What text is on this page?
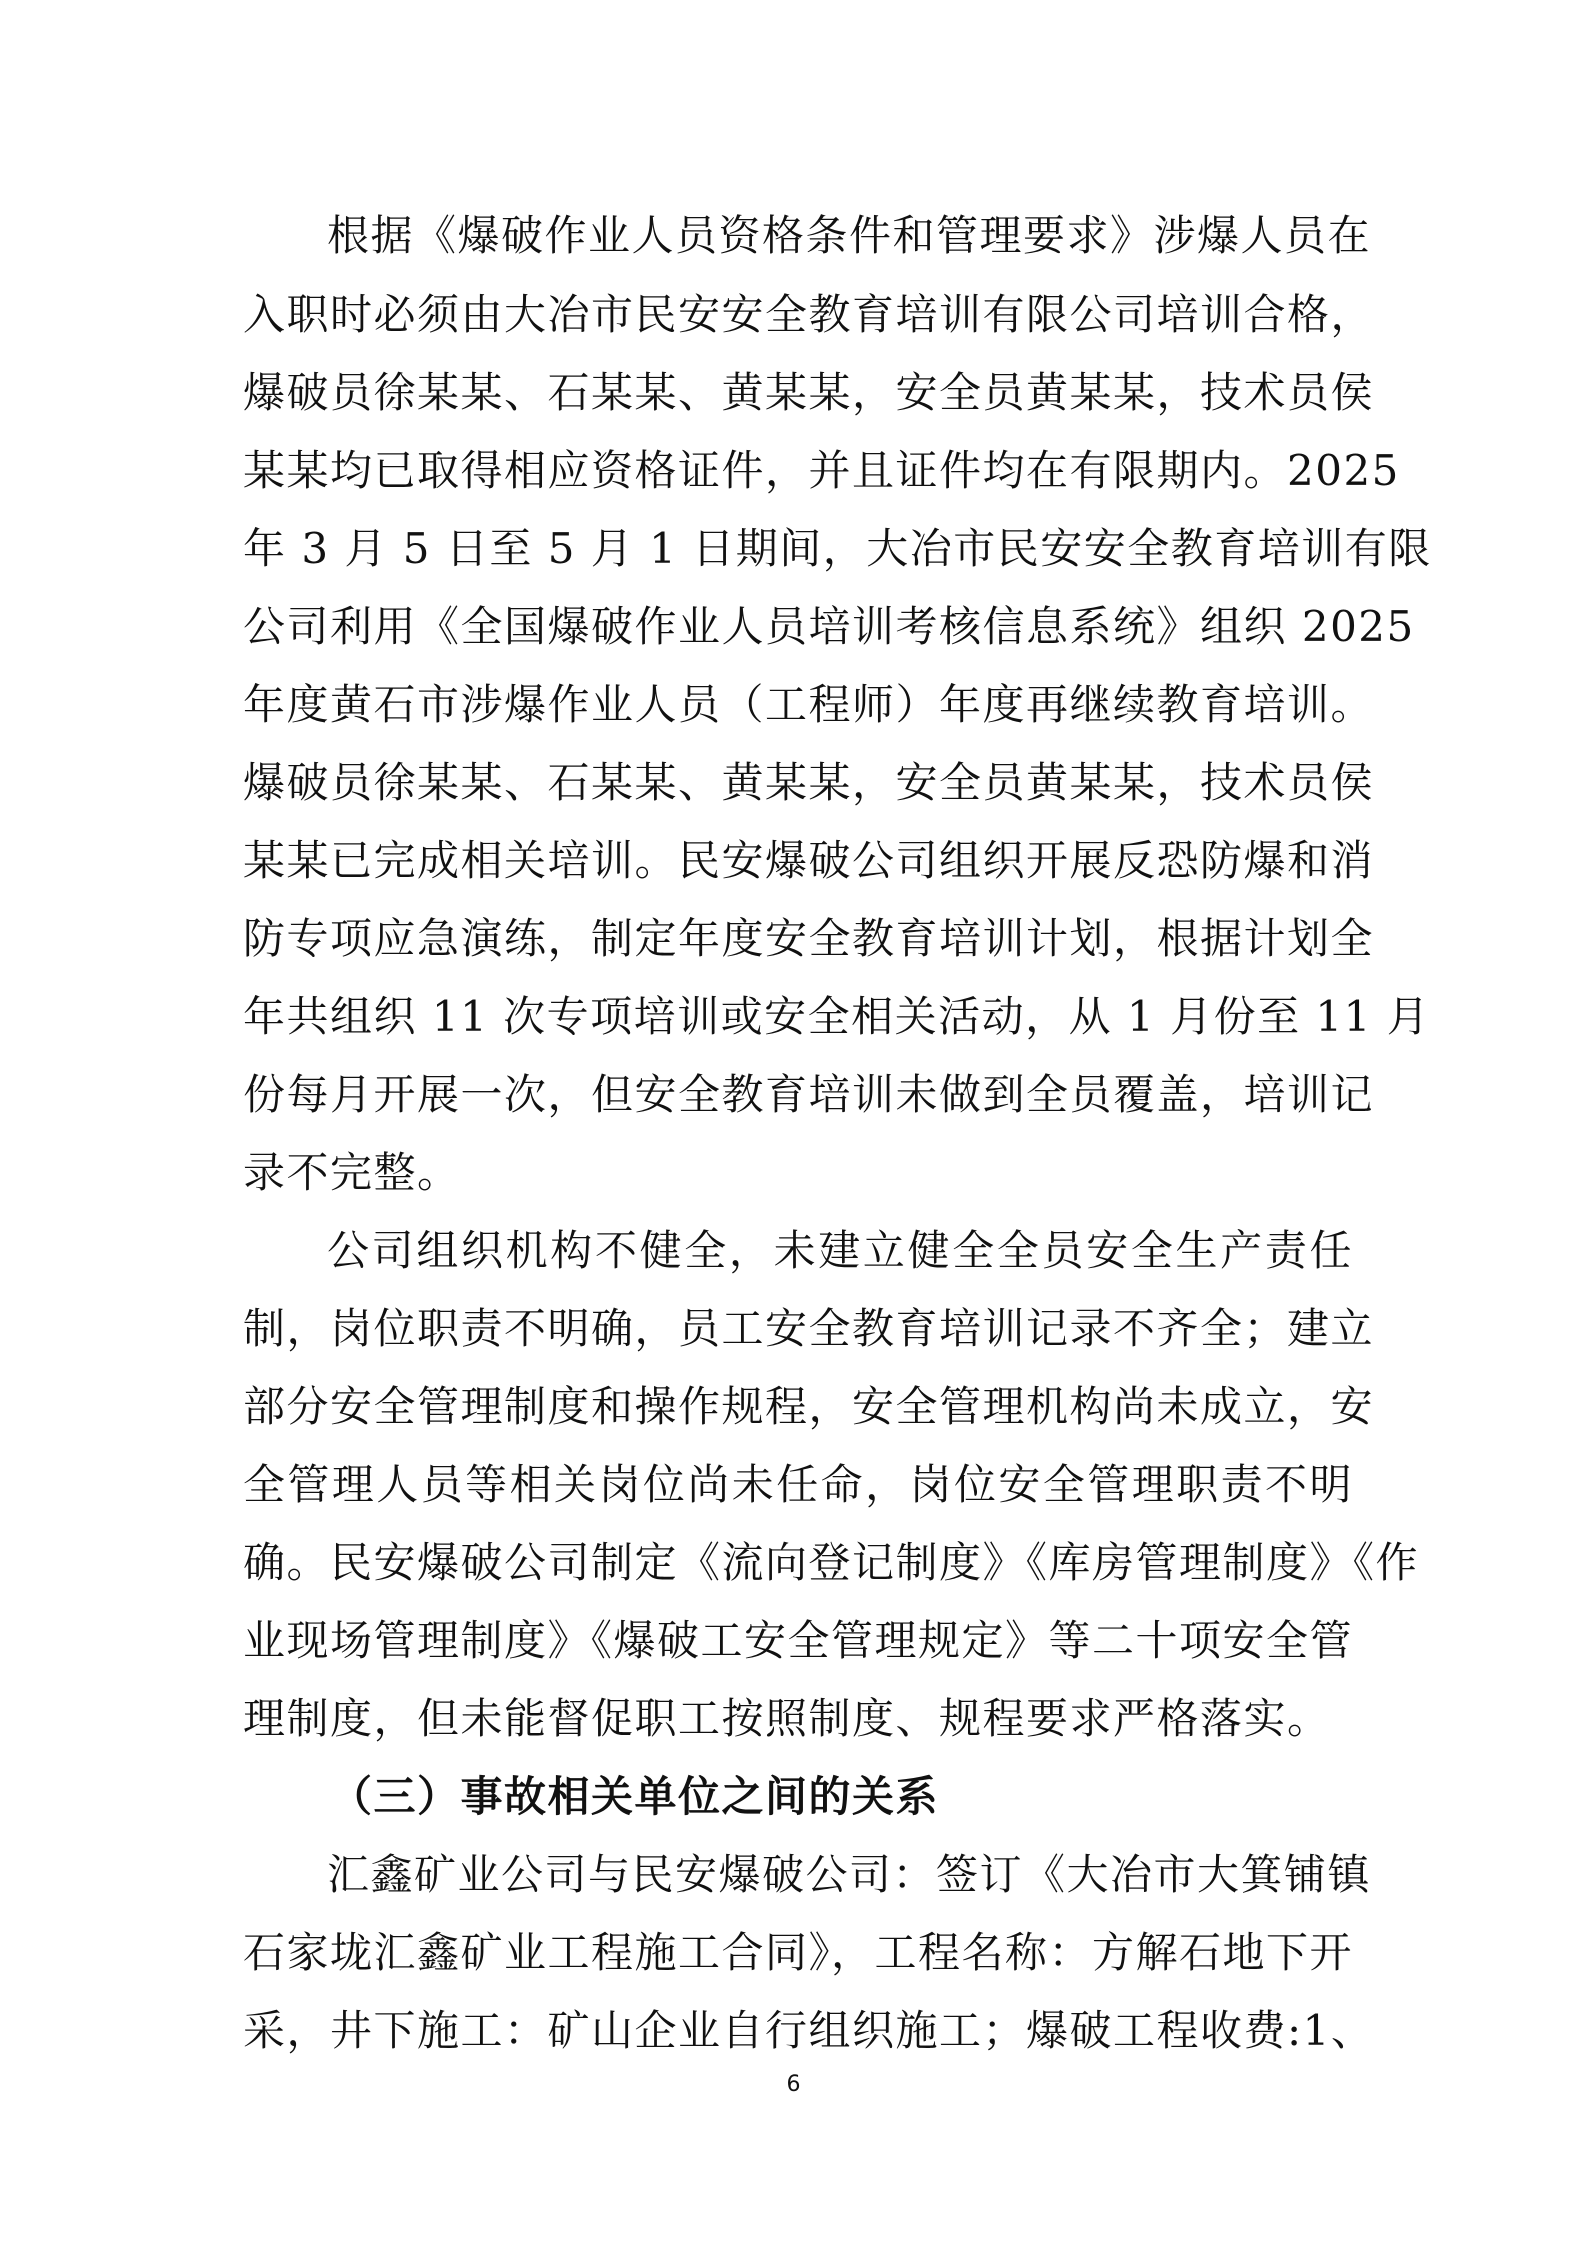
根据《爆破作业人员资格条件和管理要求》涉爆人员在
入职时必须由大冶市民安安全教育培训有限公司培训合格，
爆破员徐某某、石某某、黄某某，安全员黄某某，技术员侯
某某均已取得相应资格证件，并且证件均在有限期内。2025
年 3 月 5 日至 5 月 1 日期间，大冶市民安安全教育培训有限
公司利用《全国爆破作业人员培训考核信息系统》组织 2025
年度黄石市涉爆作业人员（工程师）年度再继续教育培训。
爆破员徐某某、石某某、黄某某，安全员黄某某，技术员侯
某某已完成相关培训。民安爆破公司组织开展反恐防爆和消
防专项应急演练，制定年度安全教育培训计划，根据计划全
年共组织 11 次专项培训或安全相关活动，从 1 月份至 11 月
份每月开展一次，但安全教育培训未做到全员覆盖，培训记
录不完整。
公司组织机构不健全，未建立健全全员安全生产责任
制，岗位职责不明确，员工安全教育培训记录不齐全；建立
部分安全管理制度和操作规程，安全管理机构尚未成立，安
全管理人员等相关岗位尚未任命，岗位安全管理职责不明
确。民安爆破公司制定《流向登记制度》《库房管理制度》《作
业现场管理制度》《爆破工安全管理规定》等二十项安全管
理制度，但未能督促职工按照制度、规程要求严格落实。
（三）事故相关单位之间的关系
汇鑫矿业公司与民安爆破公司：签订《大冶市大箕铺镇
石家垅汇鑫矿业工程施工合同》，工程名称：方解石地下开
采，井下施工：矿山企业自行组织施工；爆破工程收费:1、
6
